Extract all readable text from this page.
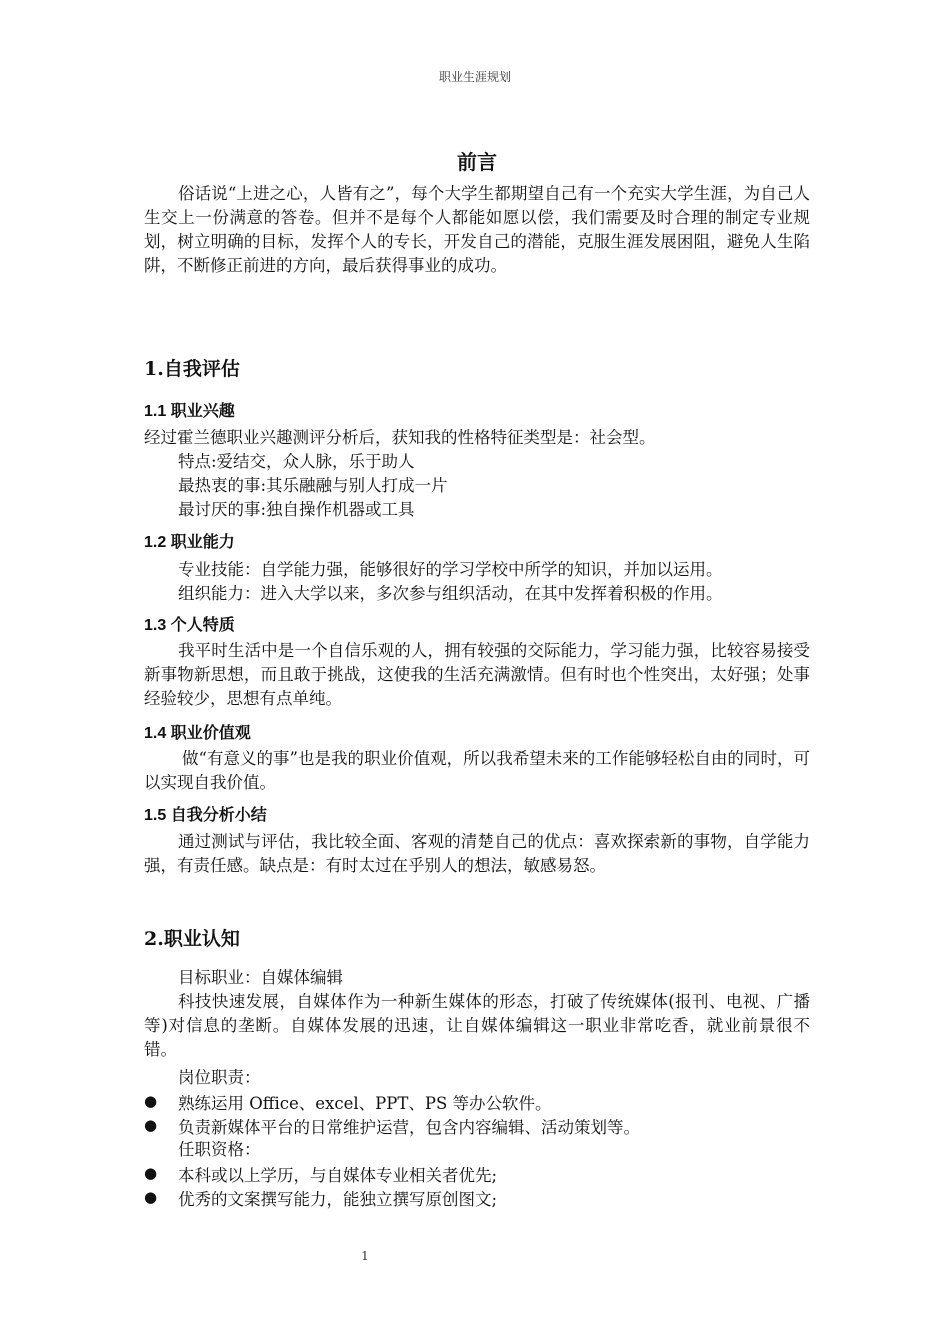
职业生涯规划
前言
俗话说“上进之心，人皆有之”，每个大学生都期望自己有一个充实大学生涯，为自己人生交上一份满意的答卷。但并不是每个人都能如愿以偿，我们需要及时合理的制定专业规划，树立明确的目标，发挥个人的专长，开发自己的潜能，克服生涯发展困阻，避免人生陷阱，不断修正前进的方向，最后获得事业的成功。
1.自我评估
1.1 职业兴趣
经过霍兰德职业兴趣测评分析后，获知我的性格特征类型是：社会型。
特点:爱结交，众人脉，乐于助人
最热衷的事:其乐融融与别人打成一片
最讨厌的事:独自操作机器或工具
1.2 职业能力
专业技能：自学能力强，能够很好的学习学校中所学的知识，并加以运用。
组织能力：进入大学以来，多次参与组织活动，在其中发挥着积极的作用。
1.3 个人特质
我平时生活中是一个自信乐观的人，拥有较强的交际能力，学习能力强，比较容易接受新事物新思想，而且敢于挑战，这使我的生活充满激情。但有时也个性突出，太好强；处事经验较少，思想有点单纯。
1.4 职业价值观
做“有意义的事”也是我的职业价值观，所以我希望未来的工作能够轻松自由的同时，可以实现自我价值。
1.5 自我分析小结
通过测试与评估，我比较全面、客观的清楚自己的优点：喜欢探索新的事物，自学能力强，有责任感。缺点是：有时太过在乎别人的想法，敏感易怒。
2.职业认知
目标职业：自媒体编辑
科技快速发展，自媒体作为一种新生媒体的形态，打破了传统媒体(报刊、电视、广播等)对信息的垄断。自媒体发展的迅速，让自媒体编辑这一职业非常吃香，就业前景很不错。
岗位职责：
● 熟练运用 Office、excel、PPT、PS 等办公软件。
● 负责新媒体平台的日常维护运营，包含内容编辑、活动策划等。
任职资格：
● 本科或以上学历，与自媒体专业相关者优先;
● 优秀的文案撰写能力，能独立撰写原创图文;
1
